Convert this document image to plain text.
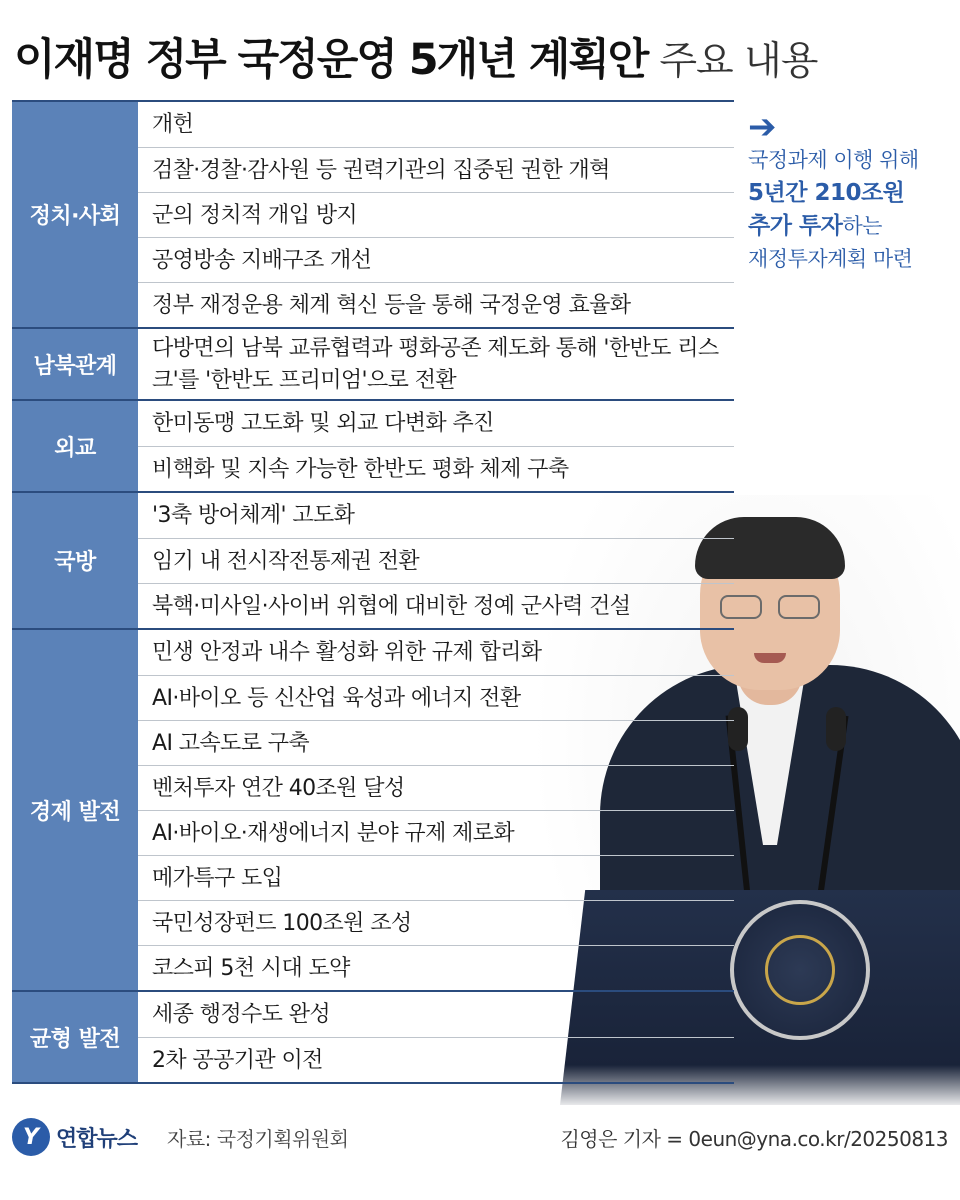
이재명 정부 국정운영 5개년 계획안 주요 내용
정치·사회
개헌
검찰·경찰·감사원 등 권력기관의 집중된 권한 개혁
군의 정치적 개입 방지
공영방송 지배구조 개선
정부 재정운용 체계 혁신 등을 통해 국정운영 효율화
남북관계
다방면의 남북 교류협력과 평화공존 제도화 통해 '한반도 리스크'를 '한반도 프리미엄'으로 전환
외교
한미동맹 고도화 및 외교 다변화 추진
비핵화 및 지속 가능한 한반도 평화 체제 구축
국방
'3축 방어체계' 고도화
임기 내 전시작전통제권 전환
북핵·미사일·사이버 위협에 대비한 정예 군사력 건설
경제 발전
민생 안정과 내수 활성화 위한 규제 합리화
AI·바이오 등 신산업 육성과 에너지 전환
AI 고속도로 구축
벤처투자 연간 40조원 달성
AI·바이오·재생에너지 분야 규제 제로화
메가특구 도입
국민성장펀드 100조원 조성
코스피 5천 시대 도약
균형 발전
세종 행정수도 완성
2차 공공기관 이전
➔
국정과제 이행 위해
5년간 210조원
추가 투자하는
재정투자계획 마련
Y 연합뉴스 자료: 국정기획위원회	김영은 기자 = 0eun@yna.co.kr/20250813
